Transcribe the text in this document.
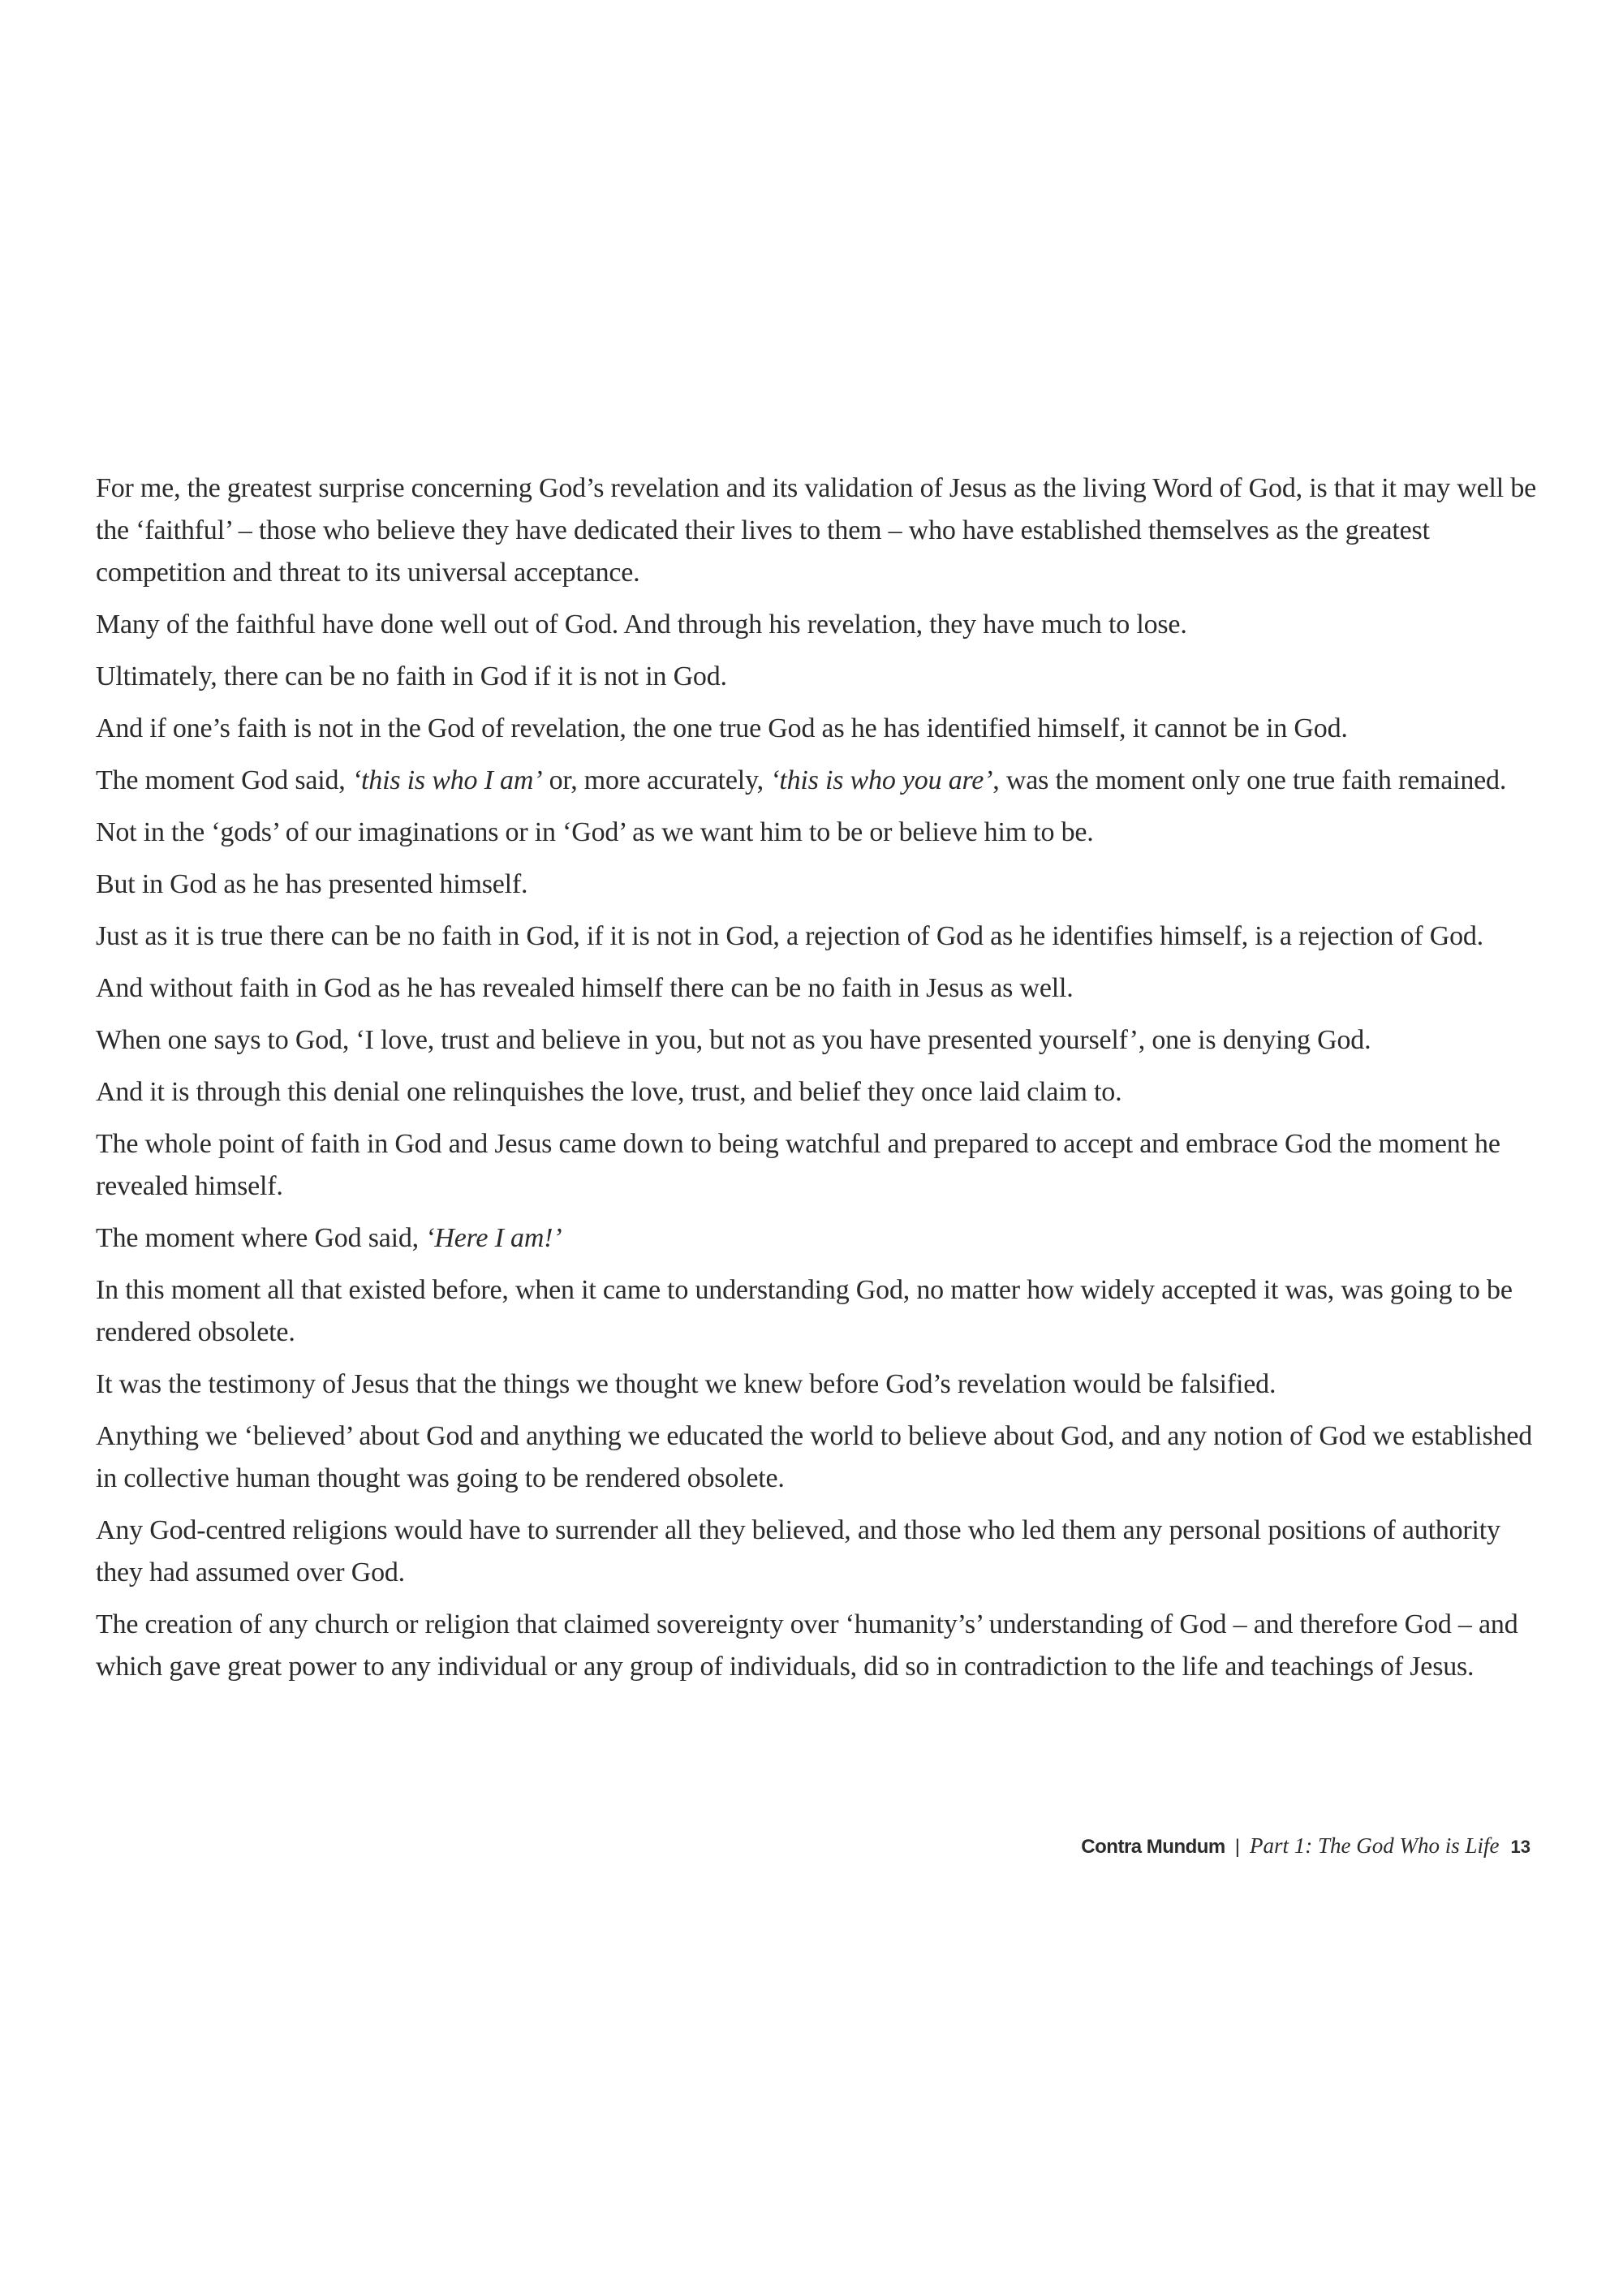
For me, the greatest surprise concerning God’s revelation and its validation of Jesus as the living Word of God, is that it may well be the ‘faithful’ – those who believe they have dedicated their lives to them – who have established themselves as the greatest competition and threat to its universal acceptance.

Many of the faithful have done well out of God. And through his revelation, they have much to lose.

Ultimately, there can be no faith in God if it is not in God.

And if one’s faith is not in the God of revelation, the one true God as he has identified himself, it cannot be in God.

The moment God said, ‘this is who I am’ or, more accurately, ‘this is who you are’, was the moment only one true faith remained.

Not in the ‘gods’ of our imaginations or in ‘God’ as we want him to be or believe him to be.

But in God as he has presented himself.

Just as it is true there can be no faith in God, if it is not in God, a rejection of God as he identifies himself, is a rejection of God.

And without faith in God as he has revealed himself there can be no faith in Jesus as well.

When one says to God, ‘I love, trust and believe in you, but not as you have presented yourself’, one is denying God.

And it is through this denial one relinquishes the love, trust, and belief they once laid claim to.

The whole point of faith in God and Jesus came down to being watchful and prepared to accept and embrace God the moment he revealed himself.

The moment where God said, ‘Here I am!’

In this moment all that existed before, when it came to understanding God, no matter how widely accepted it was, was going to be rendered obsolete.

It was the testimony of Jesus that the things we thought we knew before God’s revelation would be falsified.

Anything we ‘believed’ about God and anything we educated the world to believe about God, and any notion of God we established in collective human thought was going to be rendered obsolete.

Any God-centred religions would have to surrender all they believed, and those who led them any personal positions of authority they had assumed over God.

The creation of any church or religion that claimed sovereignty over ‘humanity’s’ understanding of God – and therefore God – and which gave great power to any individual or any group of individuals, did so in contradiction to the life and teachings of Jesus.

Contra Mundum | Part 1: The God Who is Life 13
